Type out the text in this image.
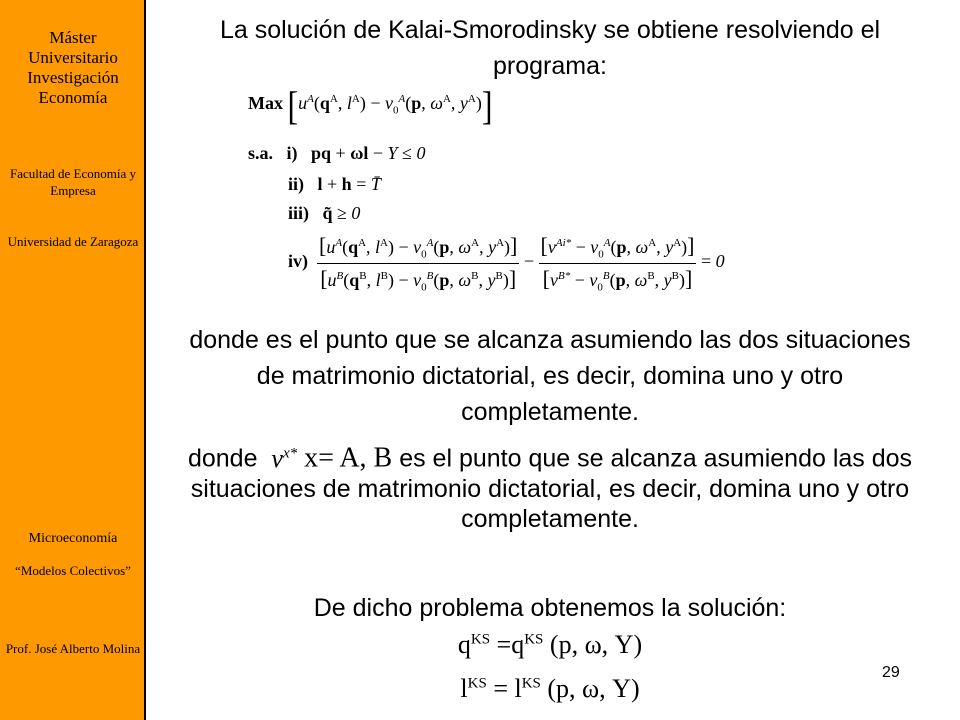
Máster Universitario Investigación Economía
Facultad de Economía y Empresa
Universidad de Zaragoza
Microeconomía
“Modelos Colectivos”
Prof. José Alberto Molina
La solución de Kalai-Smorodinsky se obtiene resolviendo el programa:
Max [$u^A(q^A$, $l^A) - v_0^A(p$, $\omega^A$, $y^A$)]
s.a. i) pq + ωl − Y ≤ 0
ii) l + h = T̄
iii) q̃ ≥ 0
$iv) \frac{[u^A(q^A, l^A) - v_0^A(p, \omega^A, y^A)]}{[u^B(q^B, l^B) - v_0^B(p, \omega^B, y^B)]} - \frac{[v^{Ai*} - v_0^A(p, \omega^A, y^A)]}{[v^{B*} - v_0^B(p, \omega^B, y^B)]} = 0$
donde es el punto que se alcanza asumiendo las dos situaciones de matrimonio dictatorial, es decir, domina uno y otro completamente.
donde $v^{x*}$ x= A, B es el punto que se alcanza asumiendo las dos situaciones de matrimonio dictatorial, es decir, domina uno y otro completamente.
De dicho problema obtenemos la solución:
$q^{KS} =q^{KS}$ (p, ω, Y)
$l^{KS} = l^{KS}$ (p, ω, Y)
29
